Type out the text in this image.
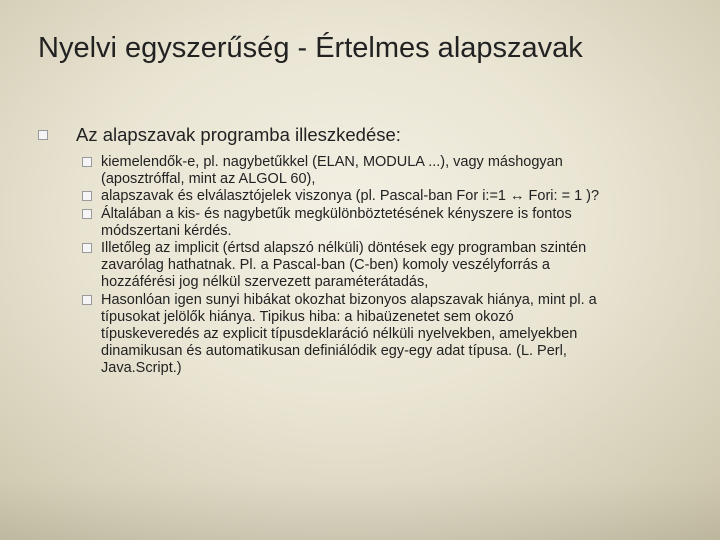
Nyelvi egyszerűség - Értelmes alapszavak
Az alapszavak programba illeszkedése:
kiemelendők-e, pl. nagybetűkkel (ELAN, MODULA ...), vagy máshogyan (aposztróffal, mint az ALGOL 60),
alapszavak és elválasztójelek viszonya (pl. Pascal-ban For i:=1 ↔ Fori: = 1 )?
Általában a kis- és nagybetűk megkülönböztetésének kényszere is fontos módszertani kérdés.
Illetőleg az implicit (értsd alapszó nélküli) döntések egy programban szintén zavarólag hathatnak. Pl. a Pascal-ban (C-ben) komoly veszélyforrás a hozzáférési jog nélkül szervezett paraméterátadás,
Hasonlóan igen sunyi hibákat okozhat bizonyos alapszavak hiánya, mint pl. a típusokat jelölők hiánya. Tipikus hiba: a hibaüzenetet sem okozó típuskeveredés az explicit típusdeklaráció nélküli nyelvekben, amelyekben dinamikusan és automatikusan definiálódik egy-egy adat típusa. (L. Perl, Java.Script.)
